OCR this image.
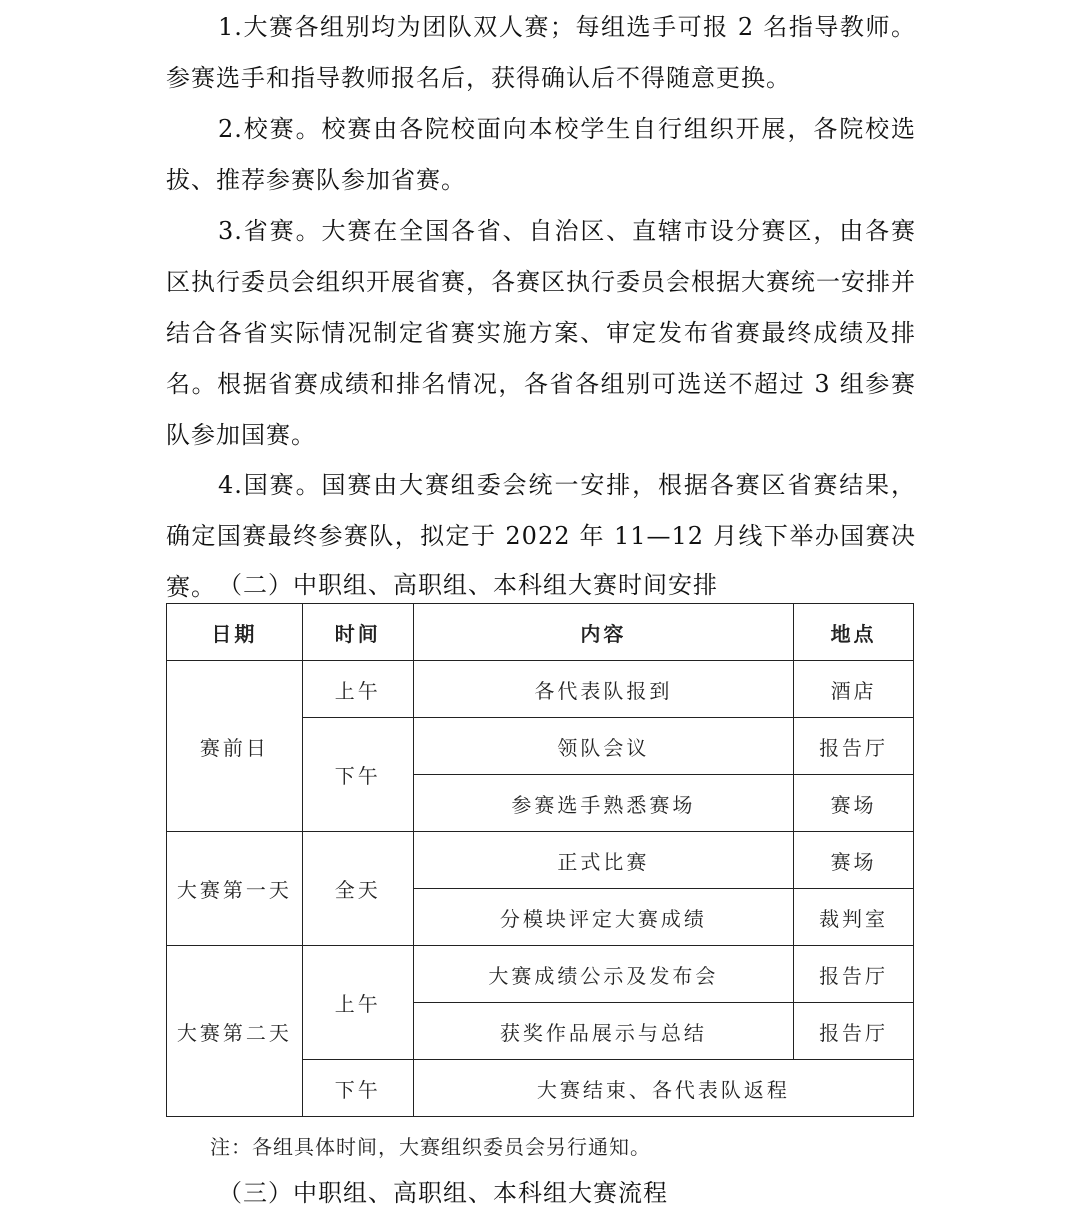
1.大赛各组别均为团队双人赛；每组选手可报 2 名指导教师。参赛选手和指导教师报名后，获得确认后不得随意更换。

2.校赛。校赛由各院校面向本校学生自行组织开展，各院校选拔、推荐参赛队参加省赛。

3.省赛。大赛在全国各省、自治区、直辖市设分赛区，由各赛区执行委员会组织开展省赛，各赛区执行委员会根据大赛统一安排并结合各省实际情况制定省赛实施方案、审定发布省赛最终成绩及排名。根据省赛成绩和排名情况，各省各组别可选送不超过 3 组参赛队参加国赛。

4.国赛。国赛由大赛组委会统一安排，根据各赛区省赛结果，确定国赛最终参赛队，拟定于 2022 年 11—12 月线下举办国赛决赛。 （二）中职组、高职组、本科组大赛时间安排

日期	时间	内容	地点
赛前日	上午	各代表队报到	酒店
	下午	领队会议	报告厅
		参赛选手熟悉赛场	赛场
大赛第一天	全天	正式比赛	赛场
		分模块评定大赛成绩	裁判室
大赛第二天	上午	大赛成绩公示及发布会	报告厅
		获奖作品展示与总结	报告厅
	下午	大赛结束、各代表队返程	

注：各组具体时间，大赛组织委员会另行通知。

（三）中职组、高职组、本科组大赛流程
